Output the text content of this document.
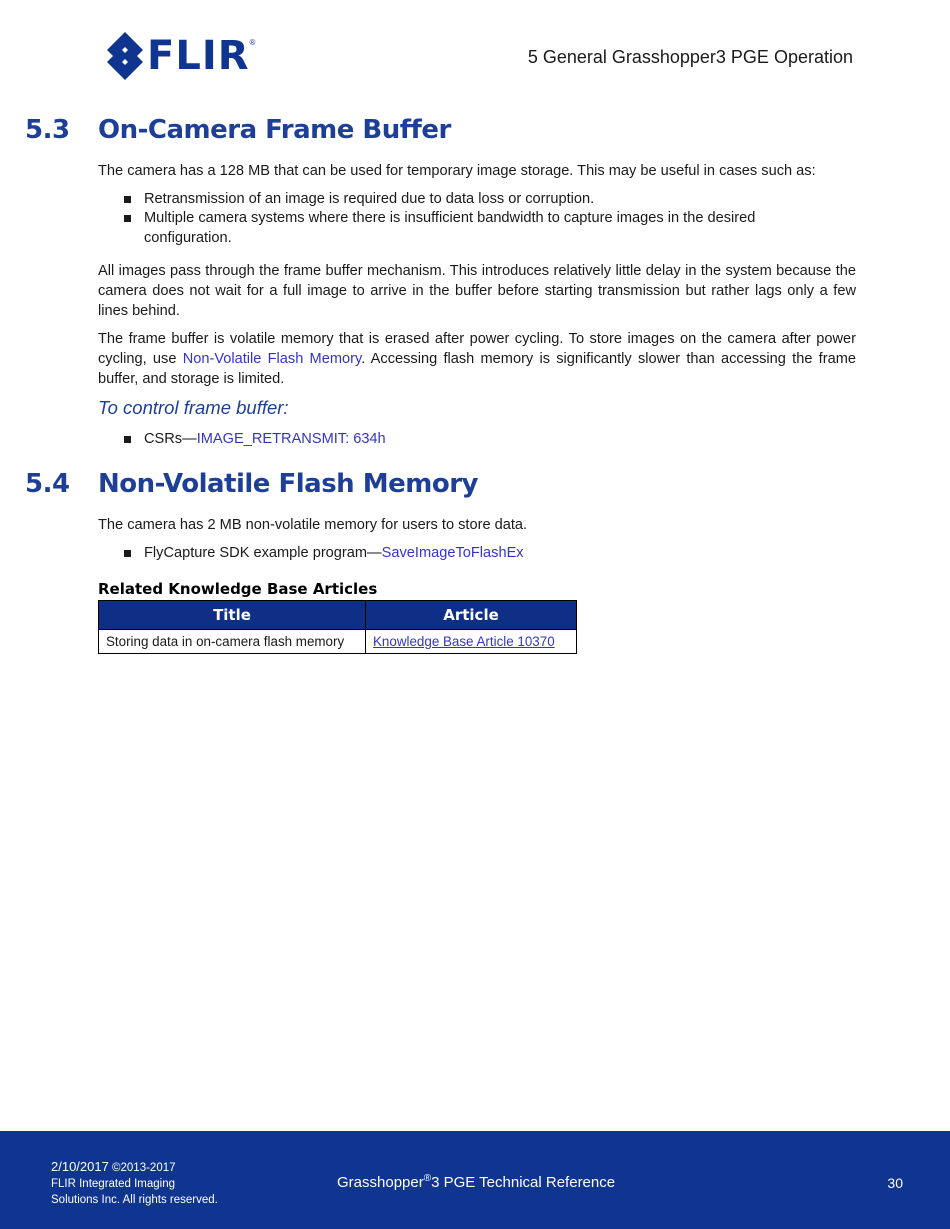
FLIR ®
5 General Grasshopper3 PGE Operation
5.3 On-Camera Frame Buffer
The camera has a 128 MB that can be used for temporary image storage. This may be useful in cases such as:
Retransmission of an image is required due to data loss or corruption.
Multiple camera systems where there is insufficient bandwidth to capture images in the desired configuration.
All images pass through the frame buffer mechanism. This introduces relatively little delay in the system because the camera does not wait for a full image to arrive in the buffer before starting transmission but rather lags only a few lines behind.
The frame buffer is volatile memory that is erased after power cycling. To store images on the camera after power cycling, use Non-Volatile Flash Memory. Accessing flash memory is significantly slower than accessing the frame buffer, and storage is limited.
To control frame buffer:
CSRs—IMAGE_RETRANSMIT: 634h
5.4 Non-Volatile Flash Memory
The camera has 2 MB non-volatile memory for users to store data.
FlyCapture SDK example program—SaveImageToFlashEx
Related Knowledge Base Articles
Title	Article
Storing data in on-camera flash memory	Knowledge Base Article 10370
2/10/2017 ©2013-2017
FLIR Integrated Imaging
Solutions Inc. All rights reserved.
Grasshopper®3 PGE Technical Reference	30
